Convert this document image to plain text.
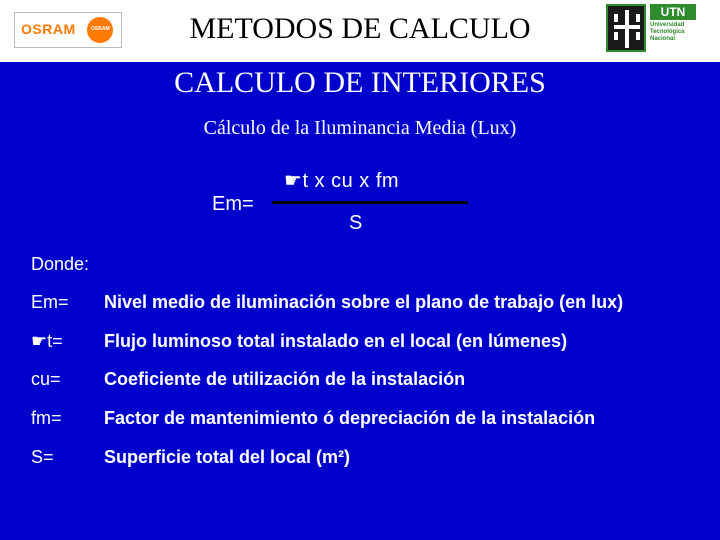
OSRAM	OSRAM	METODOS DE CALCULO	UTN
Universidad Tecnológica Nacional
CALCULO DE INTERIORES
Cálculo de la Iluminancia Media (Lux)
Em=
☛t x cu x fm
S
Donde:
Em= Nivel medio de iluminación sobre el plano de trabajo (en lux)
☛t= Flujo luminoso total instalado en el local (en lúmenes)
cu= Coeficiente de utilización de la instalación
fm= Factor de mantenimiento ó depreciación de la instalación
S=	Superficie total del local (m²)
